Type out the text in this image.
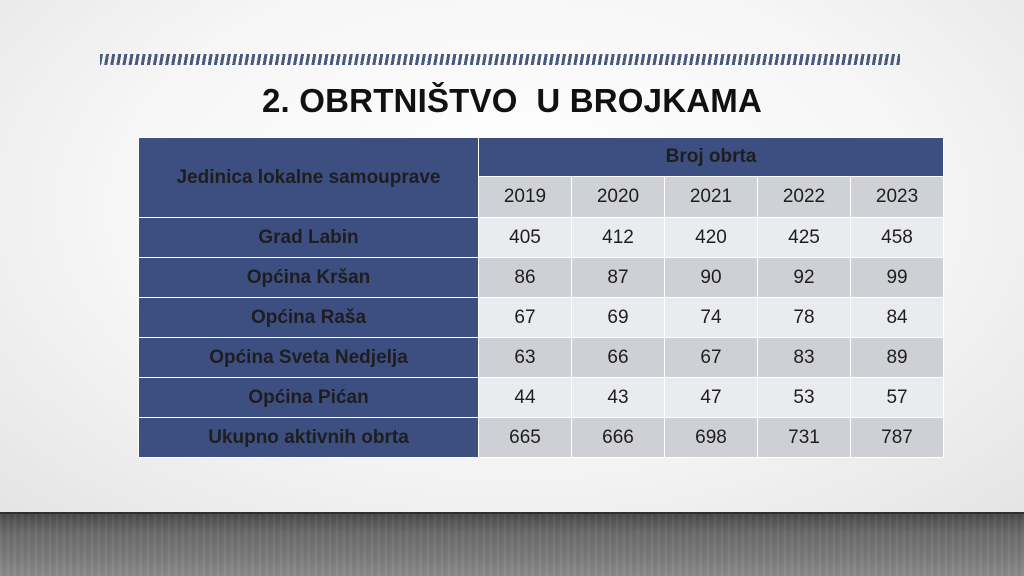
2. OBRTNIŠTVO  U BROJKAMA
Jedinica lokalne samouprave	Broj obrta				
	2019	2020	2021	2022	2023
Grad Labin	405	412	420	425	458
Općina Kršan	86	87	90	92	99
Općina Raša	67	69	74	78	84
Općina Sveta Nedjelja	63	66	67	83	89
Općina Pićan	44	43	47	53	57
Ukupno aktivnih obrta	665	666	698	731	787
